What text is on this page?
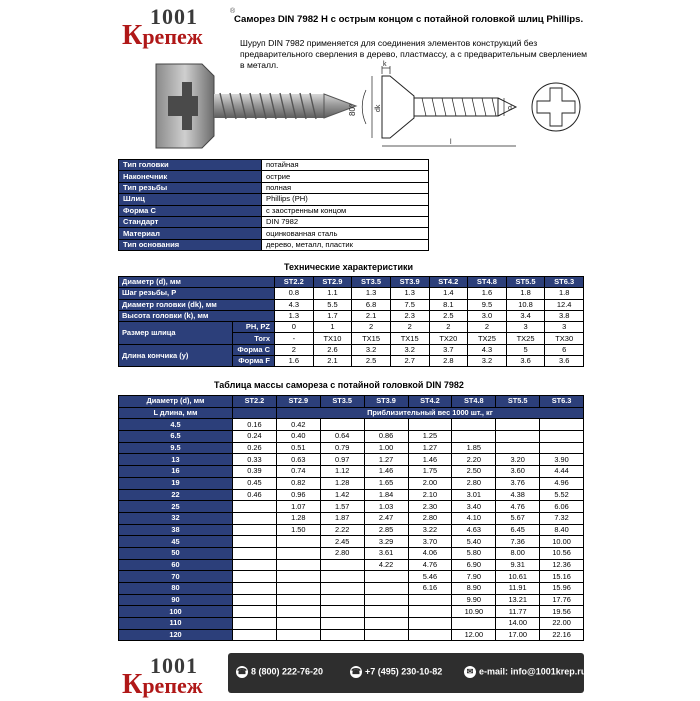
1001
Крепеж
®
Саморез DIN 7982 Н с острым концом с потайной головкой шлиц Phillips.
Шуруп DIN 7982 применяется для соединения элементов конструкций без предварительного сверления в дерево, пластмассу, а с предварительным сверлением в металл.
80°	dk
k
d
l
Тип головки	потайная
Наконечник	острие
Тип резьбы	полная
Шлиц	Phillips (PH)
Форма С	с заостренным концом
Стандарт	DIN 7982
Материал	оцинкованная сталь
Тип основания	дерево, металл, пластик
Технические характеристики
Диаметр (d), мм		ST2.2	ST2.9	ST3.5	ST3.9	ST4.2	ST4.8	ST5.5	ST6.3
Шаг резьбы, Р		0.8	1.1	1.3	1.3	1.4	1.6	1.8	1.8
Диаметр головки (dk), мм		4.3	5.5	6.8	7.5	8.1	9.5	10.8	12.4
Высота головки (k), мм		1.3	1.7	2.1	2.3	2.5	3.0	3.4	3.8
Размер шлица	PH, PZ	0	1	2	2	2	2	3	3
	Torx	-	TX10	TX15	TX15	TX20	TX25	TX25	TX30
Длина кончика (y)	Форма С	2	2.6	3.2	3.2	3.7	4.3	5	6
	Форма F	1.6	2.1	2.5	2.7	2.8	3.2	3.6	3.6
Таблица массы самореза с потайной головкой DIN 7982
Диаметр (d), мм	ST2.2	ST2.9	ST3.5	ST3.9	ST4.2	ST4.8	ST5.5	ST6.3
L длина, мм		Приблизительный вес 1000 шт., кг						
4.5	0.16	0.42						
6.5	0.24	0.40	0.64	0.86	1.25			
9.5	0.26	0.51	0.79	1.00	1.27	1.85		
13	0.33	0.63	0.97	1.27	1.46	2.20	3.20	3.90
16	0.39	0.74	1.12	1.46	1.75	2.50	3.60	4.44
19	0.45	0.82	1.28	1.65	2.00	2.80	3.76	4.96
22	0.46	0.96	1.42	1.84	2.10	3.01	4.38	5.52
25		1.07	1.57	1.03	2.30	3.40	4.76	6.06
32		1.28	1.87	2.47	2.80	4.10	5.67	7.32
38		1.50	2.22	2.85	3.22	4.63	6.45	8.40
45			2.45	3.29	3.70	5.40	7.36	10.00
50			2.80	3.61	4.06	5.80	8.00	10.56
60				4.22	4.76	6.90	9.31	12.36
70					5.46	7.90	10.61	15.16
80					6.16	8.90	11.91	15.96
90						9.90	13.21	17.76
100						10.90	11.77	19.56
110							14.00	22.00
120						12.00	17.00	22.16
1001
Крепеж
☎ 8 (800) 222-76-20	☎ +7 (495) 230-10-82	✉ e-mail: info@1001krep.ru
